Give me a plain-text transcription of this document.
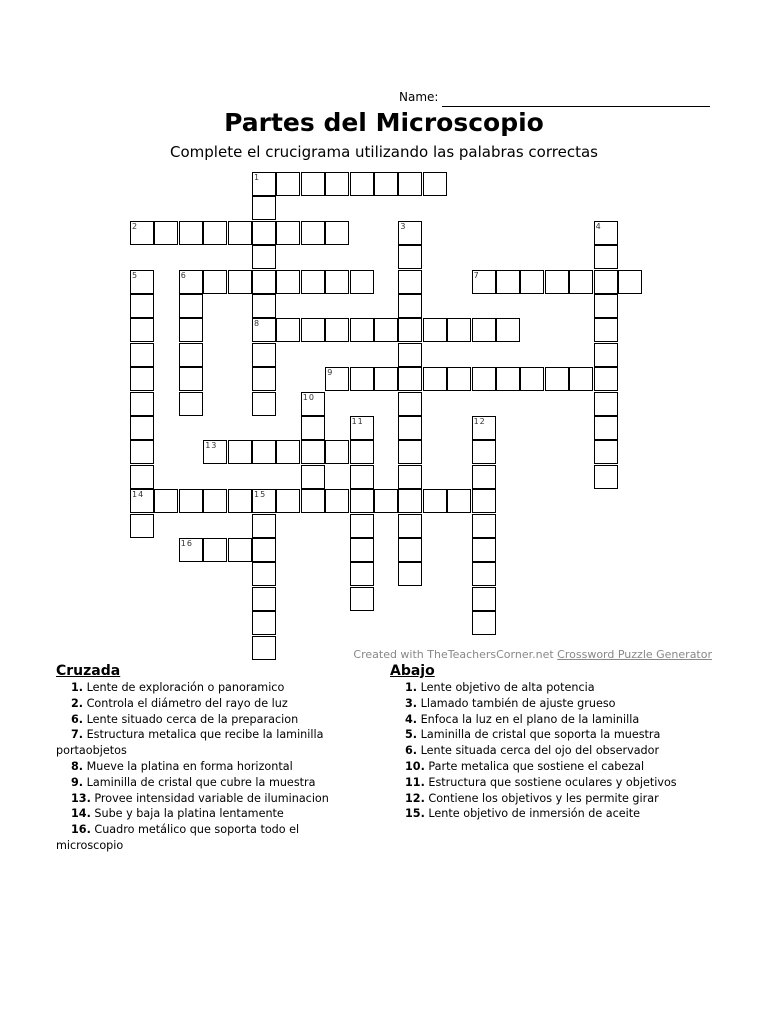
Name:
Partes del Microscopio
Complete el crucigrama utilizando las palabras correctas
1
8
2	3	4
5
14
6	7
9
10
11	12
13
15
16
Created with TheTeachersCorner.net Crossword Puzzle Generator
Cruzada
1. Lente de exploración o panoramico
2. Controla el diámetro del rayo de luz
6. Lente situado cerca de la preparacion
7. Estructura metalica que recibe la laminilla portaobjetos
8. Mueve la platina en forma horizontal
9. Laminilla de cristal que cubre la muestra
13. Provee intensidad variable de iluminacion
14. Sube y baja la platina lentamente
16. Cuadro metálico que soporta todo el microscopio
Abajo
1. Lente objetivo de alta potencia
3. Llamado también de ajuste grueso
4. Enfoca la luz en el plano de la laminilla
5. Laminilla de cristal que soporta la muestra
6. Lente situada cerca del ojo del observador
10. Parte metalica que sostiene el cabezal
11. Estructura que sostiene oculares y objetivos
12. Contiene los objetivos y les permite girar
15. Lente objetivo de inmersión de aceite
